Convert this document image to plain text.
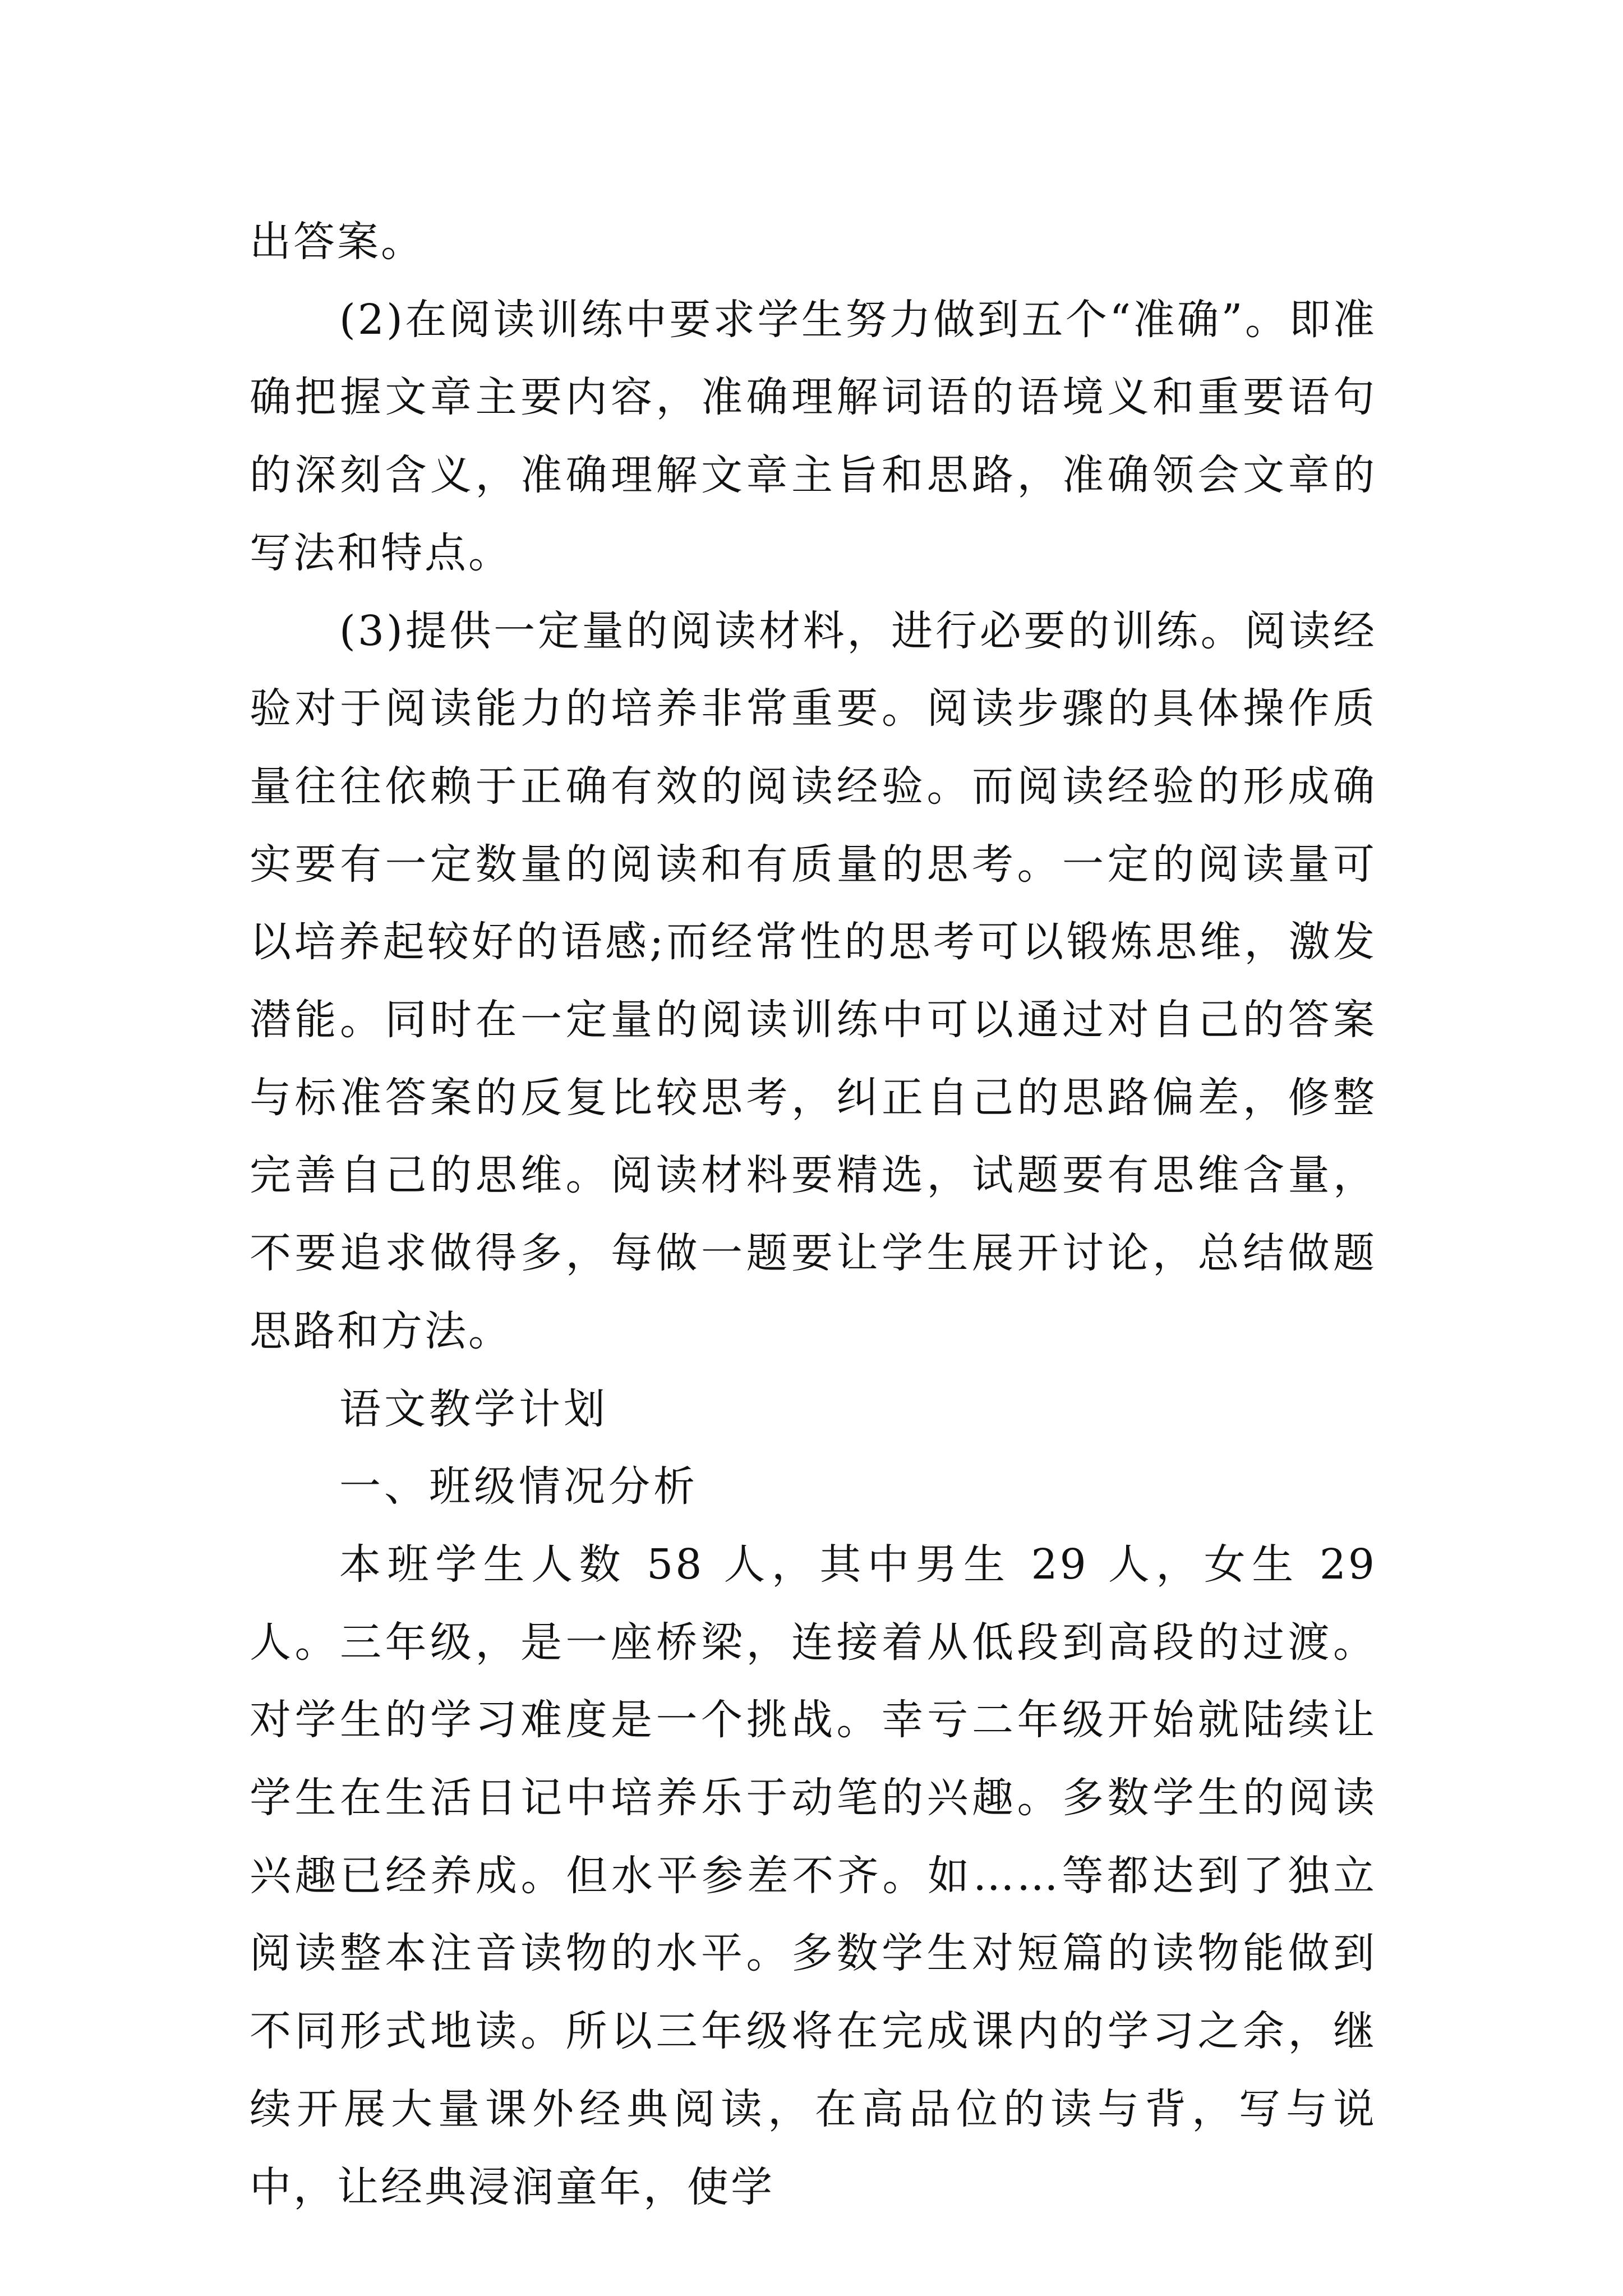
出答案。

(2)在阅读训练中要求学生努力做到五个“准确”。即准确把握文章主要内容，准确理解词语的语境义和重要语句的深刻含义，准确理解文章主旨和思路，准确领会文章的写法和特点。

(3)提供一定量的阅读材料，进行必要的训练。阅读经验对于阅读能力的培养非常重要。阅读步骤的具体操作质量往往依赖于正确有效的阅读经验。而阅读经验的形成确实要有一定数量的阅读和有质量的思考。一定的阅读量可以培养起较好的语感;而经常性的思考可以锻炼思维，激发潜能。同时在一定量的阅读训练中可以通过对自己的答案与标准答案的反复比较思考，纠正自己的思路偏差，修整完善自己的思维。阅读材料要精选，试题要有思维含量，不要追求做得多，每做一题要让学生展开讨论，总结做题思路和方法。

语文教学计划

一、班级情况分析

本班学生人数 58 人，其中男生 29 人，女生 29 人。三年级，是一座桥梁，连接着从低段到高段的过渡。对学生的学习难度是一个挑战。幸亏二年级开始就陆续让学生在生活日记中培养乐于动笔的兴趣。多数学生的阅读兴趣已经养成。但水平参差不齐。如……等都达到了独立阅读整本注音读物的水平。多数学生对短篇的读物能做到不同形式地读。所以三年级将在完成课内的学习之余，继续开展大量课外经典阅读，在高品位的读与背，写与说中，让经典浸润童年，使学
